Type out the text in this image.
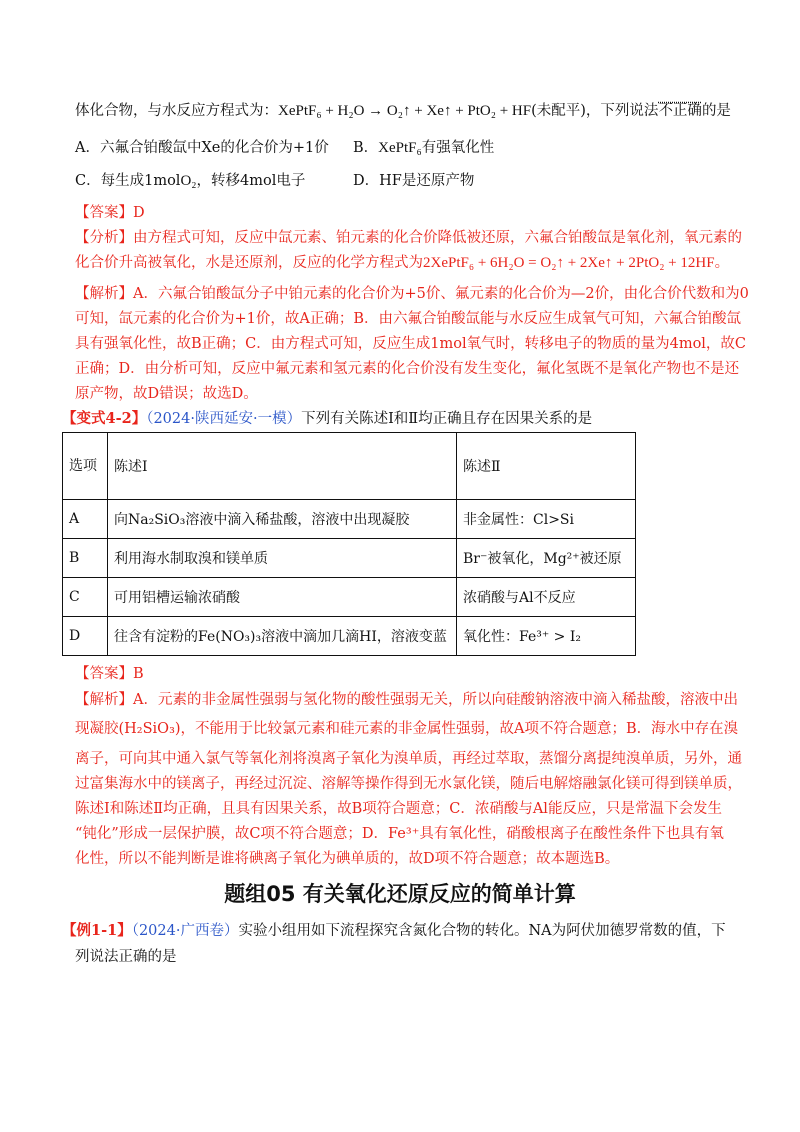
体化合物，与水反应方程式为：XePtF₆ + H₂O → O₂↑ + Xe↑ + PtO₂ + HF(未配平)，下列说法不正确的是
A．六氟合铂酸氙中Xe的化合价为+1价 B．XePtF₆有强氧化性
C．每生成1molO₂，转移4mol电子	D．HF是还原产物
【答案】D
【分析】由方程式可知，反应中氙元素、铂元素的化合价降低被还原，六氟合铂酸氙是氧化剂，氧元素的
化合价升高被氧化，水是还原剂，反应的化学方程式为2XePtF₆ + 6H₂O = O₂↑ + 2Xe↑ + 2PtO₂ + 12HF。
【解析】A．六氟合铂酸氙分子中铂元素的化合价为+5价、氟元素的化合价为—2价，由化合价代数和为0
可知，氙元素的化合价为+1价，故A正确；B．由六氟合铂酸氙能与水反应生成氧气可知，六氟合铂酸氙
具有强氧化性，故B正确；C．由方程式可知，反应生成1mol氧气时，转移电子的物质的量为4mol，故C
正确；D．由分析可知，反应中氟元素和氢元素的化合价没有发生变化，氟化氢既不是氧化产物也不是还
原产物，故D错误；故选D。
【变式4-2】（2024·陕西延安·一模）下列有关陈述Ⅰ和Ⅱ均正确且存在因果关系的是
选项	陈述Ⅰ	陈述Ⅱ
A	向Na₂SiO₃溶液中滴入稀盐酸，溶液中出现凝胶	非金属性：Cl>Si
B	利用海水制取溴和镁单质	Br⁻被氧化，Mg²⁺被还原
C	可用铝槽运输浓硝酸	浓硝酸与Al不反应
D	往含有淀粉的Fe(NO₃)₃溶液中滴加几滴HI，溶液变蓝	氧化性：Fe³⁺ > I₂
【答案】B
【解析】A．元素的非金属性强弱与氢化物的酸性强弱无关，所以向硅酸钠溶液中滴入稀盐酸，溶液中出
现凝胶(H₂SiO₃)，不能用于比较氯元素和硅元素的非金属性强弱，故A项不符合题意；B．海水中存在溴
离子，可向其中通入氯气等氧化剂将溴离子氧化为溴单质，再经过萃取，蒸馏分离提纯溴单质，另外，通
过富集海水中的镁离子，再经过沉淀、溶解等操作得到无水氯化镁，随后电解熔融氯化镁可得到镁单质，
陈述Ⅰ和陈述Ⅱ均正确，且具有因果关系，故B项符合题意；C．浓硝酸与Al能反应，只是常温下会发生
“钝化”形成一层保护膜，故C项不符合题意；D．Fe³⁺具有氧化性，硝酸根离子在酸性条件下也具有氧
化性，所以不能判断是谁将碘离子氧化为碘单质的，故D项不符合题意；故本题选B。
题组05 有关氧化还原反应的简单计算
【例1-1】（2024·广西卷）实验小组用如下流程探究含氮化合物的转化。NA为阿伏加德罗常数的值，下
列说法正确的是
